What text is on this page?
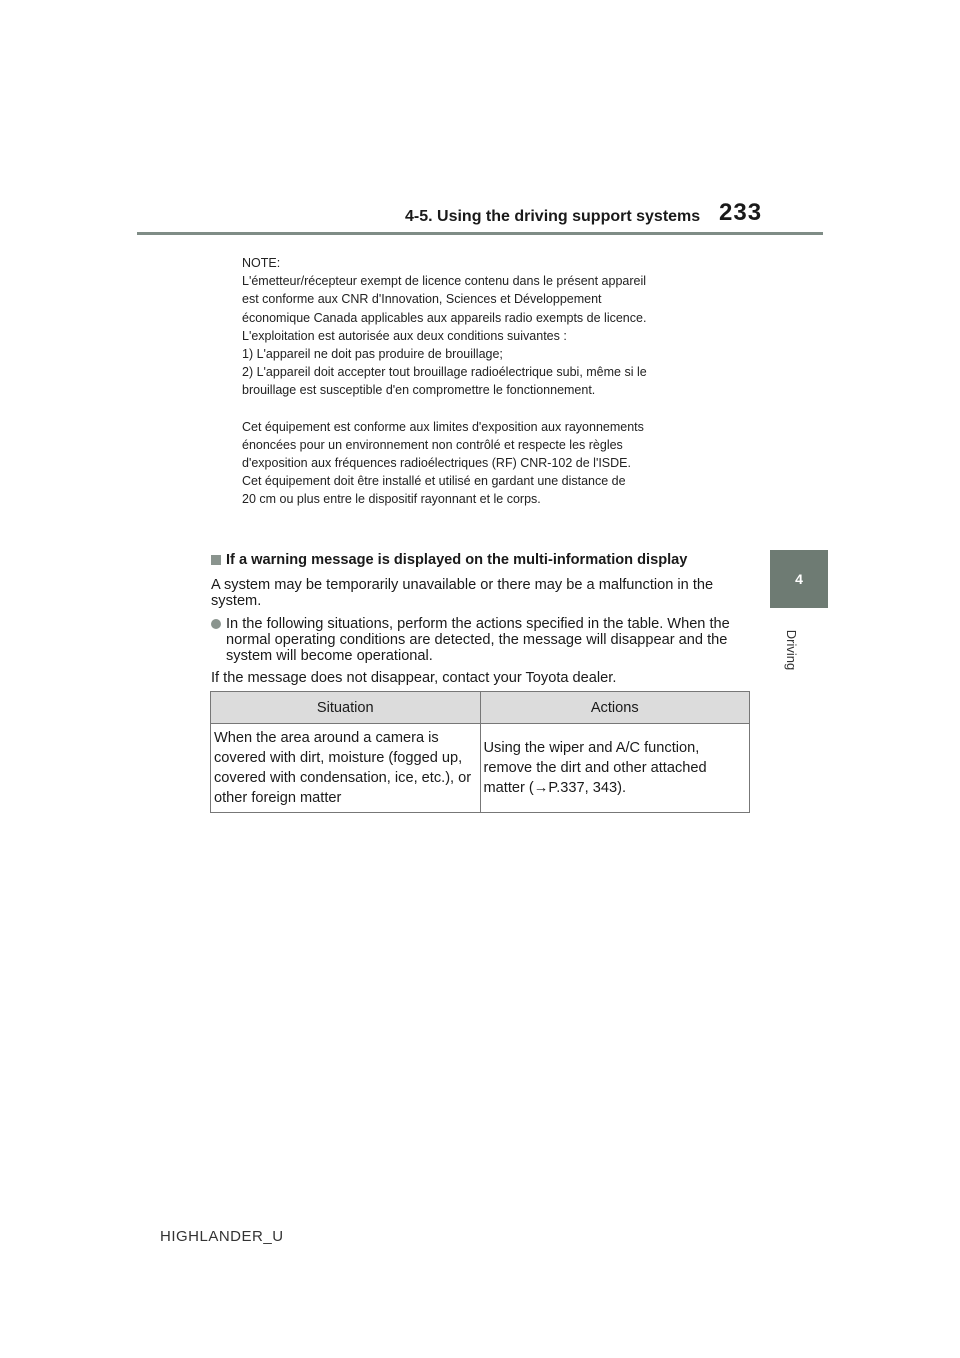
4-5. Using the driving support systems 233
4
Driving
NOTE:
L'émetteur/récepteur exempt de licence contenu dans le présent appareil
est conforme aux CNR d'Innovation, Sciences et Développement
économique Canada applicables aux appareils radio exempts de licence.
L'exploitation est autorisée aux deux conditions suivantes :
1) L'appareil ne doit pas produire de brouillage;
2) L'appareil doit accepter tout brouillage radioélectrique subi, même si le
brouillage est susceptible d'en compromettre le fonctionnement.
Cet équipement est conforme aux limites d'exposition aux rayonnements
énoncées pour un environnement non contrôlé et respecte les règles
d'exposition aux fréquences radioélectriques (RF) CNR-102 de l'ISDE.
Cet équipement doit être installé et utilisé en gardant une distance de
20 cm ou plus entre le dispositif rayonnant et le corps.
If a warning message is displayed on the multi-information display
A system may be temporarily unavailable or there may be a malfunction in the system.
In the following situations, perform the actions specified in the table. When the normal operating conditions are detected, the message will disappear and the system will become operational.
If the message does not disappear, contact your Toyota dealer.
Situation	Actions
When the area around a camera is covered with dirt, moisture (fogged up, covered with condensation, ice, etc.), or other foreign matter	Using the wiper and A/C function, remove the dirt and other attached matter (→P.337, 343).
HIGHLANDER_U
